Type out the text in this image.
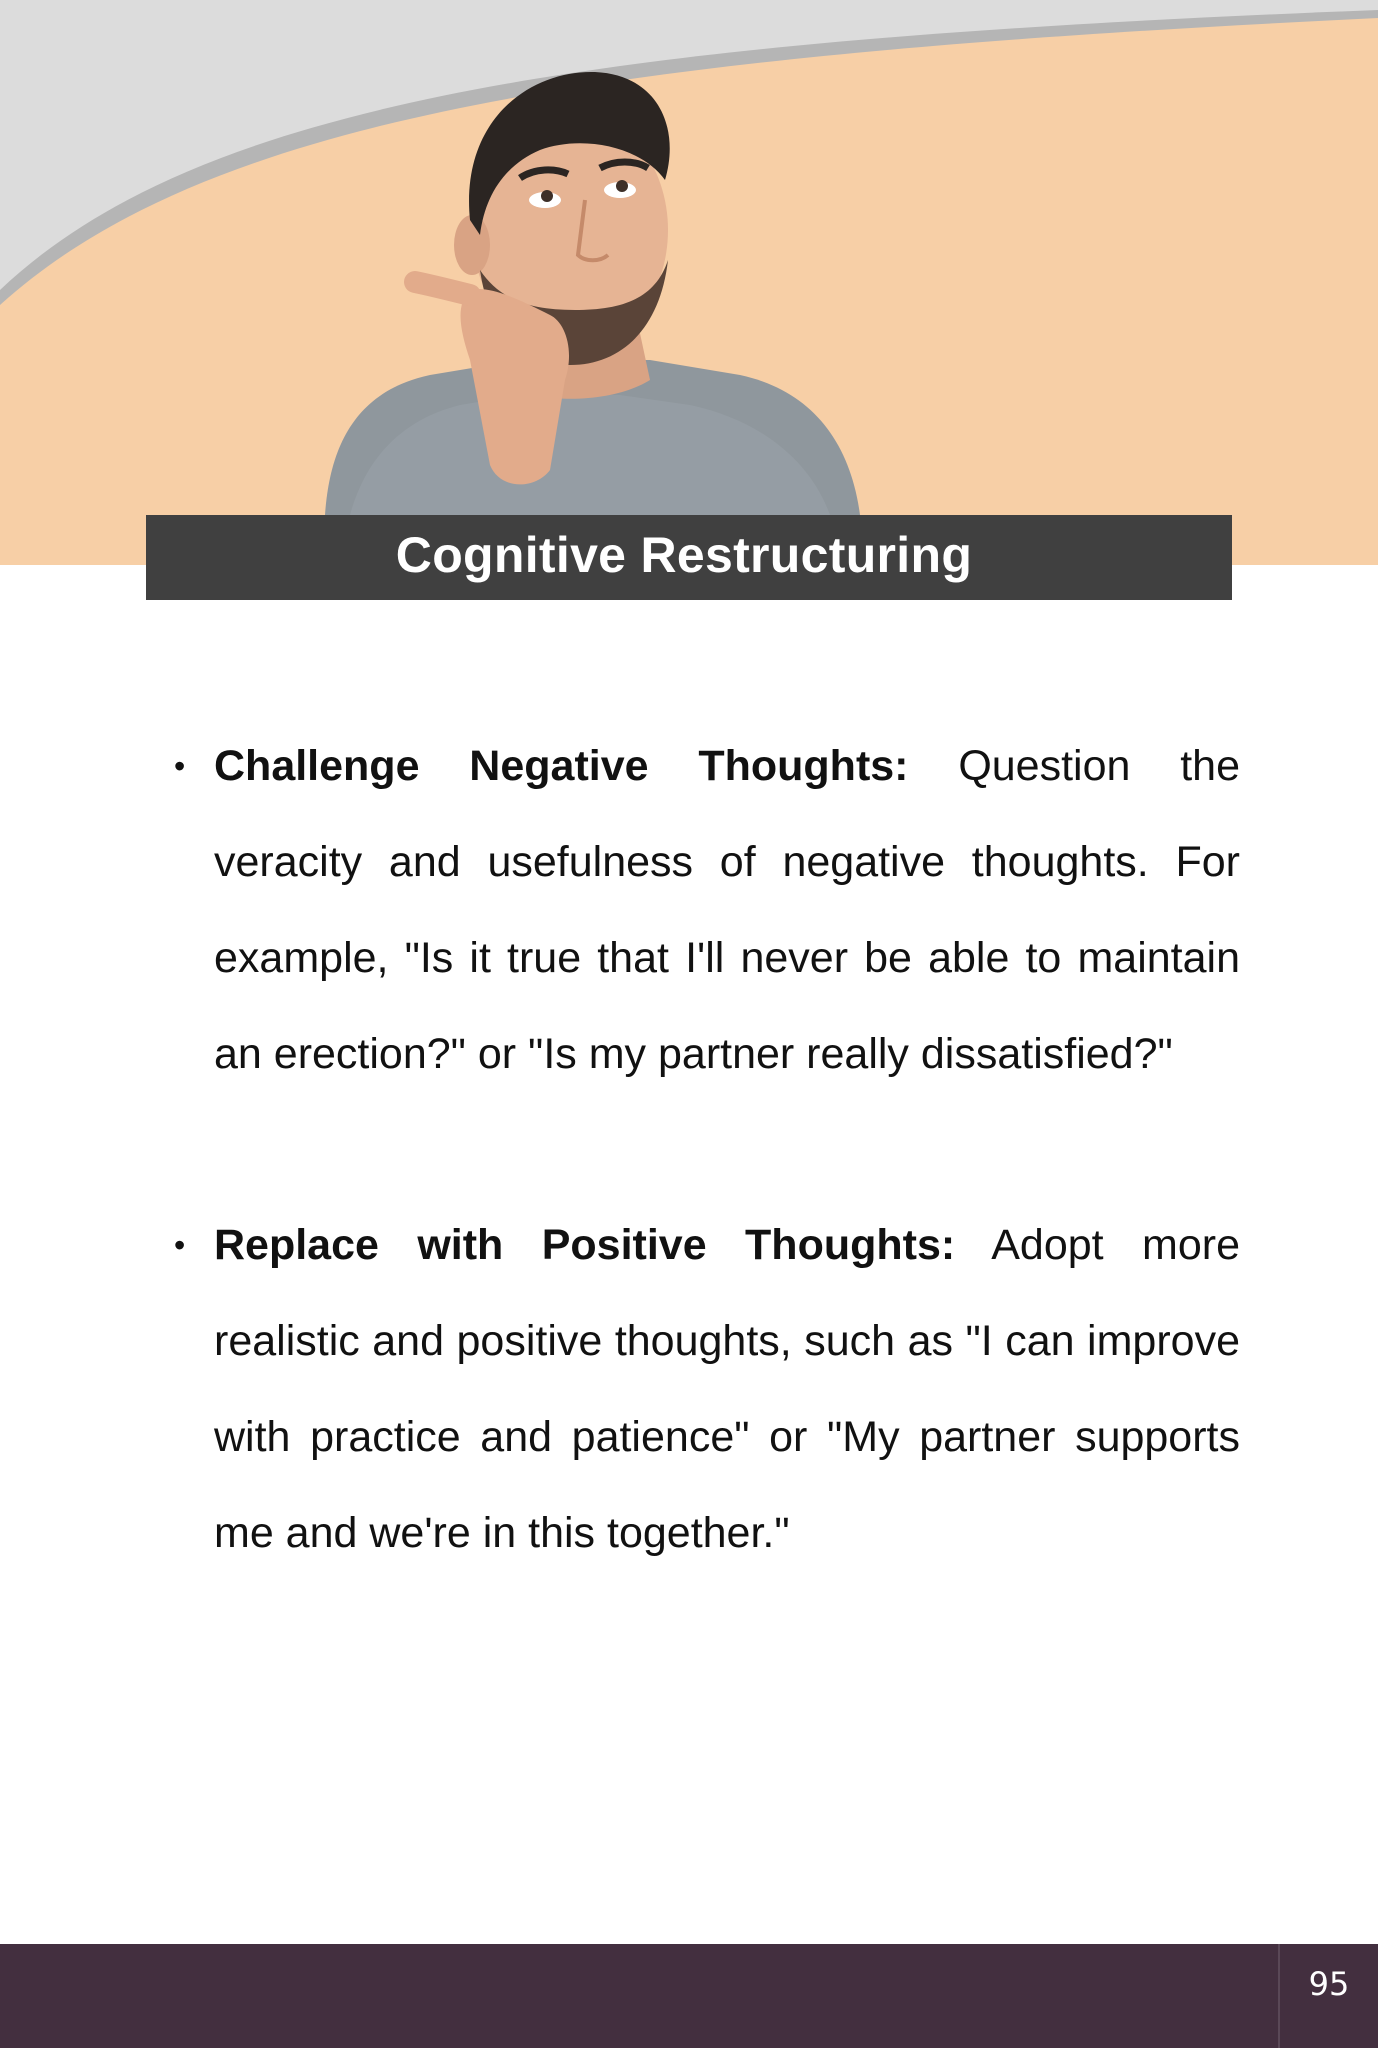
Cognitive Restructuring
• Challenge Negative Thoughts: Question the veracity and usefulness of negative thoughts. For example, "Is it true that I'll never be able to maintain an erection?" or "Is my partner really dissatisfied?"
• Replace with Positive Thoughts: Adopt more realistic and positive thoughts, such as "I can improve with practice and patience" or "My partner supports me and we're in this together."
95
